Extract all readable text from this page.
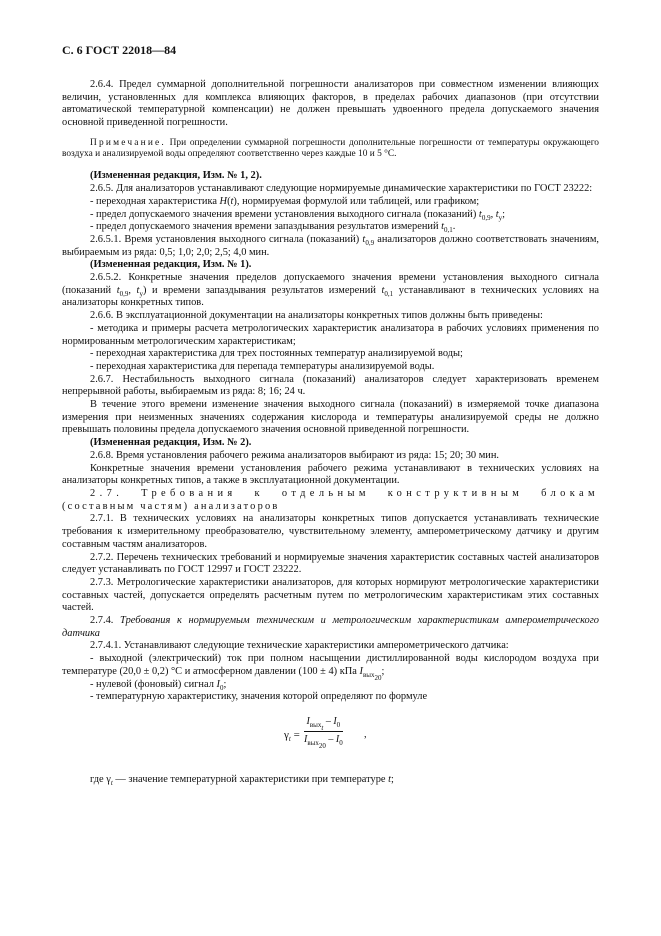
С. 6 ГОСТ 22018—84

2.6.4. Предел суммарной дополнительной погрешности анализаторов при совместном изменении влияющих величин, установленных для комплекса влияющих факторов, в пределах рабочих диапазонов (при отсутствии автоматической температурной компенсации) не должен превышать удвоенного предела допускаемого значения основной приведенной погрешности.

Примечание. При определении суммарной погрешности дополнительные погрешности от температуры окружающего воздуха и анализируемой воды определяют соответственно через каждые 10 и 5 °С.

(Измененная редакция, Изм. № 1, 2).

2.6.5. Для анализаторов устанавливают следующие нормируемые динамические характеристики по ГОСТ 23222:

- переходная характеристика H(t), нормируемая формулой или таблицей, или графиком;

- предел допускаемого значения времени установления выходного сигнала (показаний) $t_{0,9}$, $t_у$;

- предел допускаемого значения времени запаздывания результатов измерений $t_{0,1}$.

2.6.5.1. Время установления выходного сигнала (показаний) $t_{0,9}$ анализаторов должно соответствовать значениям, выбираемым из ряда: 0,5; 1,0; 2,0; 2,5; 4,0 мин.

(Измененная редакция, Изм. № 1).

2.6.5.2. Конкретные значения пределов допускаемого значения времени установления выходного сигнала (показаний $t_{0,9}$, $t_у$) и времени запаздывания результатов измерений $t_{0,1}$ устанавливают в технических условиях на анализаторы конкретных типов.

2.6.6. В эксплуатационной документации на анализаторы конкретных типов должны быть приведены:

- методика и примеры расчета метрологических характеристик анализатора в рабочих условиях применения по нормированным метрологическим характеристикам;

- переходная характеристика для трех постоянных температур анализируемой воды;

- переходная характеристика для перепада температуры анализируемой воды.

2.6.7. Нестабильность выходного сигнала (показаний) анализаторов следует характеризовать временем непрерывной работы, выбираемым из ряда: 8; 16; 24 ч.

В течение этого времени изменение значения выходного сигнала (показаний) в измеряемой точке диапазона измерения при неизменных значениях содержания кислорода и температуры анализируемой среды не должно превышать половины предела допускаемого значения основной приведенной погрешности.

(Измененная редакция, Изм. № 2).

2.6.8. Время установления рабочего режима анализаторов выбирают из ряда: 15; 20; 30 мин.

Конкретные значения времени установления рабочего режима устанавливают в технических условиях на анализаторы конкретных типов, а также в эксплуатационной документации.

2.7. Требования к отдельным конструктивным блокам

(составным частям) анализаторов

2.7.1. В технических условиях на анализаторы конкретных типов допускается устанавливать технические требования к измерительному преобразователю, чувствительному элементу, амперометрическому датчику и другим составным частям анализаторов.

2.7.2. Перечень технических требований и нормируемые значения характеристик составных частей анализаторов следует устанавливать по ГОСТ 12997 и ГОСТ 23222.

2.7.3. Метрологические характеристики анализаторов, для которых нормируют метрологические характеристики составных частей, допускается определять расчетным путем по метрологическим характеристикам этих составных частей.

2.7.4. Требования к нормируемым техническим и метрологическим характеристикам амперометрического датчика

2.7.4.1. Устанавливают следующие технические характеристики амперометрического датчика:

- выходной (электрический) ток при полном насыщении дистиллированной воды кислородом воздуха при температуре (20,0 ± 0,2) °С и атмосферном давлении (100 ± 4) кПа $I_{вых_{20}}$;

- нулевой (фоновый) сигнал $I_0$;

- температурную характеристику, значения которой определяют по формуле

$\gamma_t$ =
$I_{вых_t} - I_0$
$I_{вых_{20}} - I_0$
,

где $\gamma_t$ — значение температурной характеристики при температуре t;
